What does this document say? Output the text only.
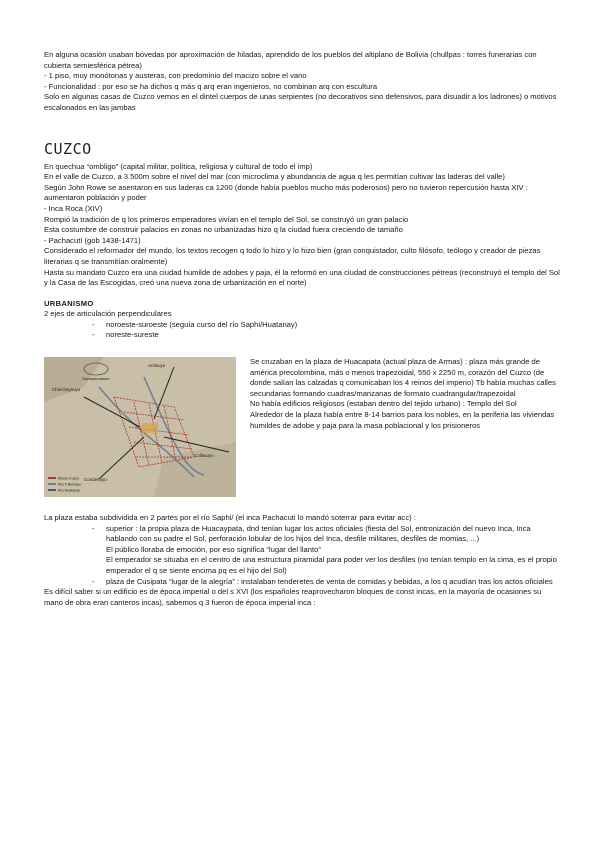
En alguna ocasión usaban bóvedas por aproximación de hiladas, aprendido de los pueblos del altiplano de Bolivia (chullpas : torres funerarias con cubierta semiesférica pétrea)

- 1 piso, muy monótonas y austeras, con predominio del macizo sobre el vano

- Funcionalidad : por eso se ha dichos q más q arq eran ingenieros, no combinan arq con escultura

Solo en algunas casas de Cuzco vemos en el dintel cuerpos de unas serpientes (no decorativos sino defensivos, para disuadir a los ladrones) o motivos escalonados en las jambas

CUZCO

En quechua “ombligo” (capital militar, política, religiosa y cultural de todo el imp)

En el valle de Cuzco, a 3.500m sobre el nivel del mar (con microclima y abundancia de agua q les permitían cultivar las laderas del valle)

Según John Rowe se asentaron en sus laderas ca 1200 (donde había pueblos mucho más poderosos) pero no tuvieron repercusión hasta XIV : aumentaron población y poder

- Inca Roca (XIV)

Rompió la tradición de q los primeros emperadores vivían en el templo del Sol, se construyó un gran palacio

Esta costumbre de construir palacios en zonas no urbanizadas hizo q la ciudad fuera creciendo de tamaño

- Pachacutí (gob 1438-1471)

Considerado el reformador del mundo, los textos recogen q todo lo hizo y lo hizo bien (gran conquistador, culto filósofo, teólogo y creador de piezas literarias q se transmitían oralmente)

Hasta su mandato Cuzco era una ciudad humilde de adobes y paja, él la reformó en una ciudad de construcciones pétreas (reconstruyó el templo del Sol y la Casa de las Escogidas, creó una nueva zona de urbanización en el norte)

URBANISMO

2 ejes de articulación perpendiculares

- noroeste-suroeste (seguía curso del río Saphi/Huatanay)

- noreste-sureste

Antisuyu
Chinchaysuyu
Condesuyu
Collasuyu
Sacsayhuaman
Muros Cuzco
Río Tullumayo
Río Huatanay

Se cruzaban en la plaza de Huacapata (actual plaza de Armas) : plaza más grande de américa precolombina, más o menos trapezoidal, 550 x 2250 m, corazón del Cuzco (de donde salían las calzadas q comunicaban los 4 reinos del imperio) Tb había muchas calles secundarias formando cuadras/manzanas de formato cuadrangular/trapezoidal

No había edificios religiosos (estaban dentro del tejido urbano) : Templo del Sol

Alrededor de la plaza había entre 8-14 barrios para los nobles, en la periferia las viviendas humildes de adobe y paja para la masa poblacional y los prisioneros

La plaza estaba subdividida en 2 partes por el río Saphi/ (el inca Pachacuti lo mandó soterrar para evitar acc) :

- superior : la propia plaza de Huacaypata, dnd tenían lugar los actos oficiales (fiesta del Sol, entronización del nuevo Inca, Inca hablando con su padre el Sol, perforación lobular de los hijos del Inca, desfile militares, desfiles de momias, ...)

El público lloraba de emoción, por eso significa “lugar del llanto”

El emperador se situaba en el centro de una estructura piramidal para poder ver los desfiles (no tenían templo en la cima, es el propio emperador el q se siente encima pq es el hijo del Sol)

- plaza de Cusipata “lugar de la alegría” : instalaban tenderetes de venta de comidas y bebidas, a los q acudían tras los actos oficiales

Es difícil saber si un edificio es de época imperial o del s XVI (los españoles reaprovecharon bloques de const incas, en la mayoría de ocasiones su mano de obra eran canteros incas), sabemos q 3 fueron de época imperial inca :
